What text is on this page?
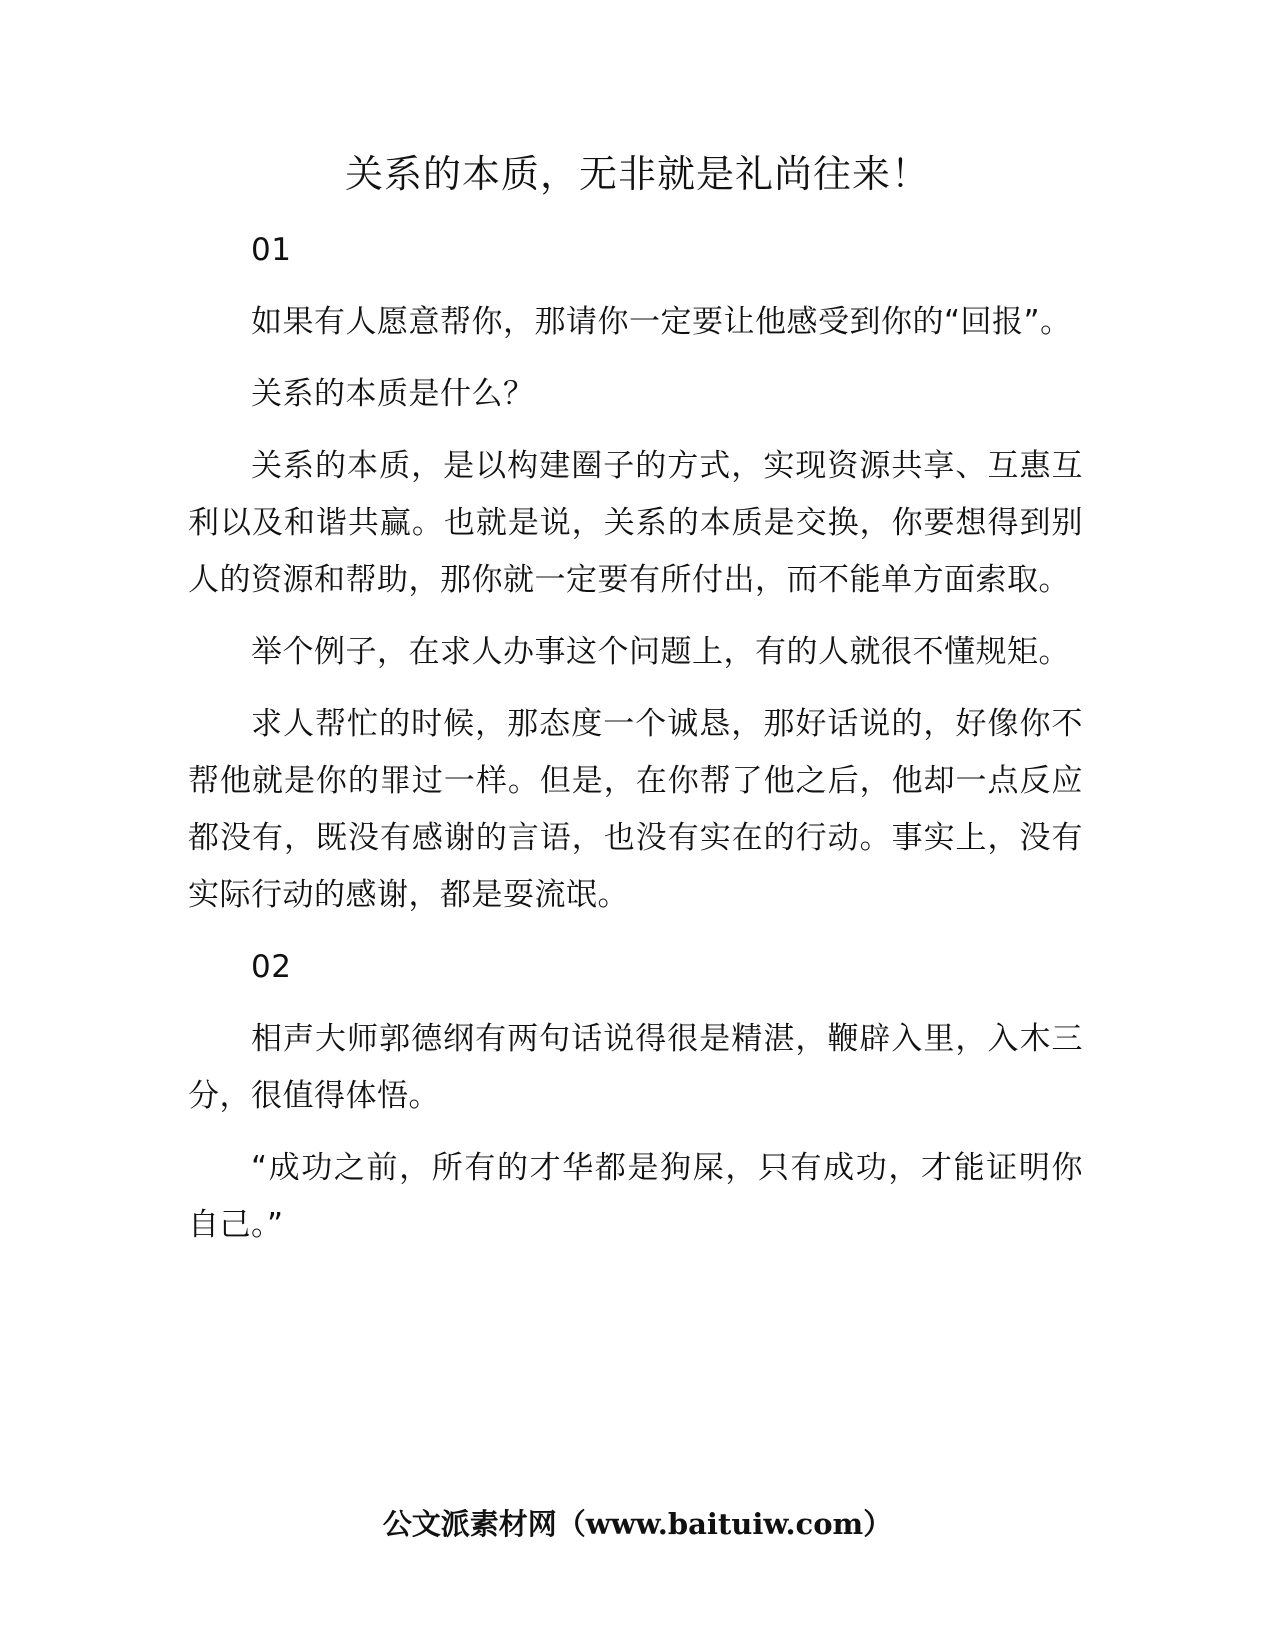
关系的本质，无非就是礼尚往来！

01

如果有人愿意帮你，那请你一定要让他感受到你的“回报”。

关系的本质是什么？

关系的本质，是以构建圈子的方式，实现资源共享、互惠互利以及和谐共赢。也就是说，关系的本质是交换，你要想得到别人的资源和帮助，那你就一定要有所付出，而不能单方面索取。

举个例子，在求人办事这个问题上，有的人就很不懂规矩。

求人帮忙的时候，那态度一个诚恳，那好话说的，好像你不帮他就是你的罪过一样。但是，在你帮了他之后，他却一点反应都没有，既没有感谢的言语，也没有实在的行动。事实上，没有实际行动的感谢，都是耍流氓。

02

相声大师郭德纲有两句话说得很是精湛，鞭辟入里，入木三分，很值得体悟。

“成功之前，所有的才华都是狗屎，只有成功，才能证明你自己。”

公文派素材网（www.baituiw.com）
